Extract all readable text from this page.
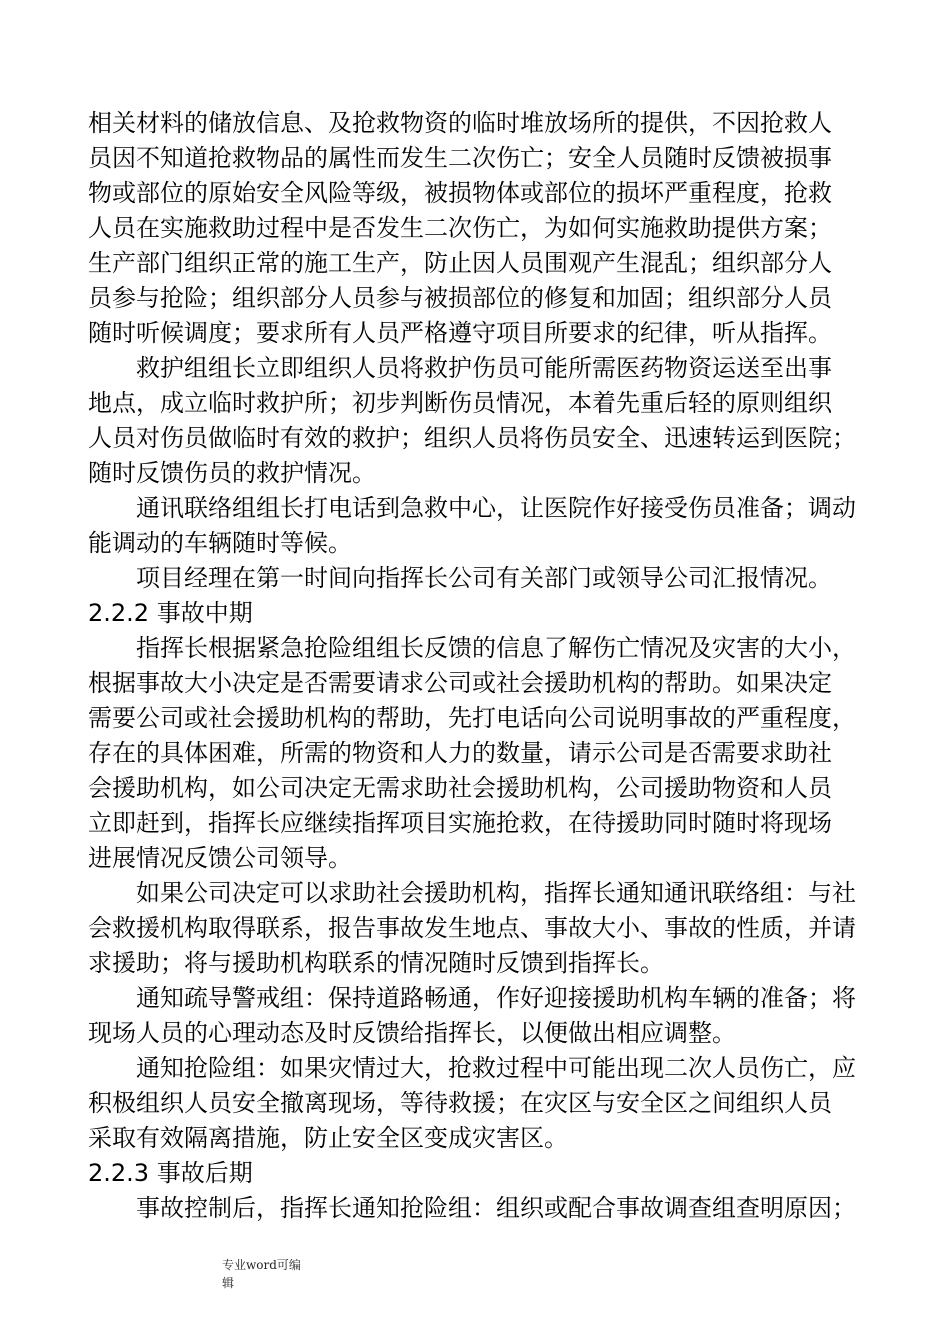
相关材料的储放信息、及抢救物资的临时堆放场所的提供，不因抢救人
员因不知道抢救物品的属性而发生二次伤亡；安全人员随时反馈被损事
物或部位的原始安全风险等级，被损物体或部位的损坏严重程度，抢救
人员在实施救助过程中是否发生二次伤亡，为如何实施救助提供方案；
生产部门组织正常的施工生产，防止因人员围观产生混乱；组织部分人
员参与抢险；组织部分人员参与被损部位的修复和加固；组织部分人员
随时听候调度；要求所有人员严格遵守项目所要求的纪律，听从指挥。
救护组组长立即组织人员将救护伤员可能所需医药物资运送至出事
地点，成立临时救护所；初步判断伤员情况，本着先重后轻的原则组织
人员对伤员做临时有效的救护；组织人员将伤员安全、迅速转运到医院；
随时反馈伤员的救护情况。
通讯联络组组长打电话到急救中心，让医院作好接受伤员准备；调动
能调动的车辆随时等候。
项目经理在第一时间向指挥长公司有关部门或领导公司汇报情况。
2.2.2 事故中期
指挥长根据紧急抢险组组长反馈的信息了解伤亡情况及灾害的大小，
根据事故大小决定是否需要请求公司或社会援助机构的帮助。如果决定
需要公司或社会援助机构的帮助，先打电话向公司说明事故的严重程度，
存在的具体困难，所需的物资和人力的数量，请示公司是否需要求助社
会援助机构，如公司决定无需求助社会援助机构，公司援助物资和人员
立即赶到，指挥长应继续指挥项目实施抢救，在待援助同时随时将现场
进展情况反馈公司领导。
如果公司决定可以求助社会援助机构，指挥长通知通讯联络组：与社
会救援机构取得联系，报告事故发生地点、事故大小、事故的性质，并请
求援助；将与援助机构联系的情况随时反馈到指挥长。
通知疏导警戒组：保持道路畅通，作好迎接援助机构车辆的准备；将
现场人员的心理动态及时反馈给指挥长，以便做出相应调整。
通知抢险组：如果灾情过大，抢救过程中可能出现二次人员伤亡，应
积极组织人员安全撤离现场，等待救援；在灾区与安全区之间组织人员
采取有效隔离措施，防止安全区变成灾害区。
2.2.3 事故后期
事故控制后，指挥长通知抢险组：组织或配合事故调查组查明原因；
专业word可编
辑
